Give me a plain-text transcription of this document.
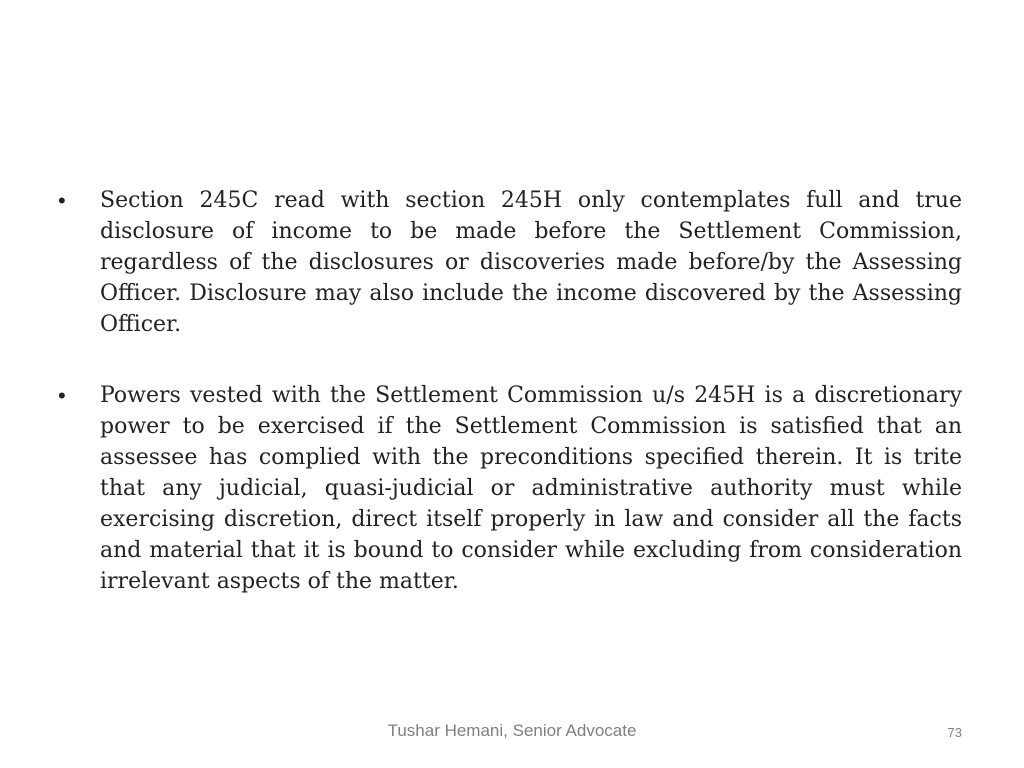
•	Section 245C read with section 245H only contemplates full and true disclosure of income to be made before the Settlement Commission, regardless of the disclosures or discoveries made before/by the Assessing Officer. Disclosure may also include the income discovered by the Assessing Officer.
•	Powers vested with the Settlement Commission u/s 245H is a discretionary power to be exercised if the Settlement Commission is satisfied that an assessee has complied with the preconditions specified therein. It is trite that any judicial, quasi-judicial or administrative authority must while exercising discretion, direct itself properly in law and consider all the facts and material that it is bound to consider while excluding from consideration irrelevant aspects of the matter.
Tushar Hemani, Senior Advocate	73
